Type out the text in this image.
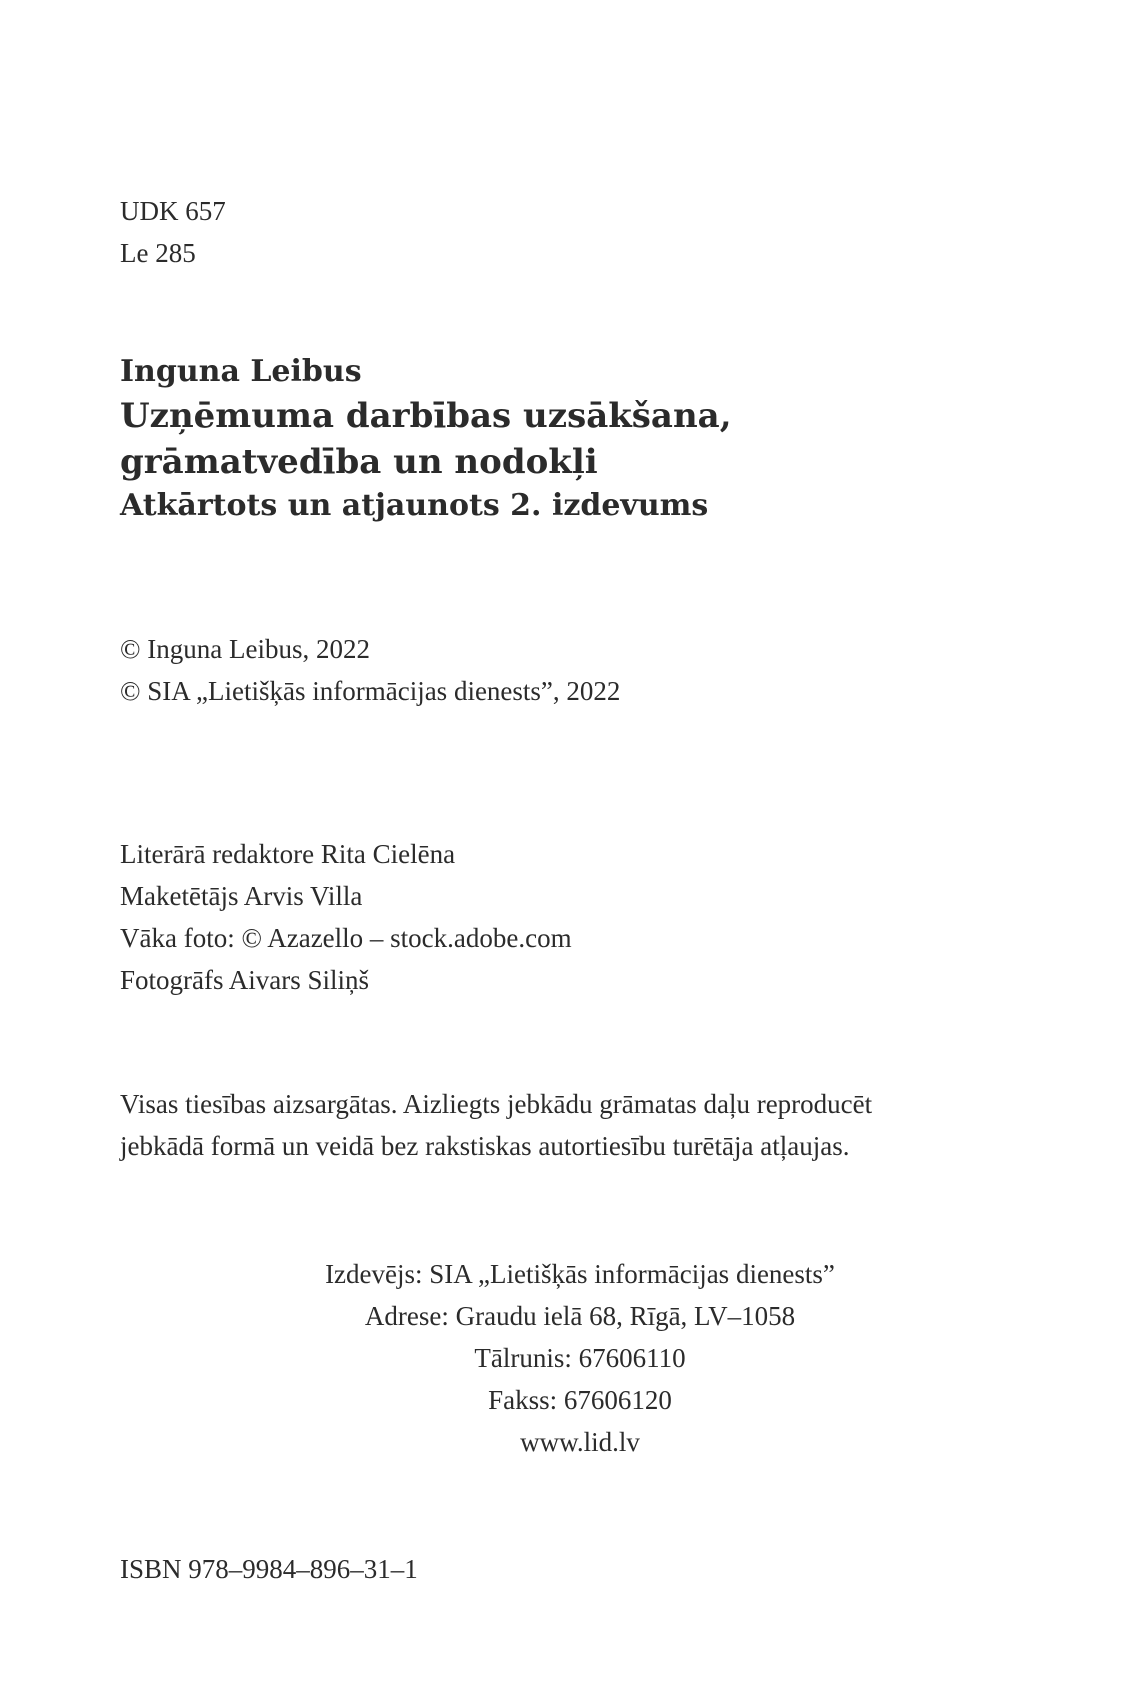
UDK 657
Le 285
Inguna Leibus
Uzņēmuma darbības uzsākšana,
grāmatvedība un nodokļi
Atkārtots un atjaunots 2. izdevums
© Inguna Leibus, 2022
© SIA „Lietišķās informācijas dienests”, 2022
Literārā redaktore Rita Cielēna
Maketētājs Arvis Villa
Vāka foto: © Azazello – stock.adobe.com
Fotogrāfs Aivars Siliņš
Visas tiesības aizsargātas. Aizliegts jebkādu grāmatas daļu reproducēt
jebkādā formā un veidā bez rakstiskas autortiesību turētāja atļaujas.
Izdevējs: SIA „Lietišķās informācijas dienests”
Adrese: Graudu ielā 68, Rīgā, LV–1058
Tālrunis: 67606110
Fakss: 67606120
www.lid.lv
ISBN 978–9984–896–31–1
